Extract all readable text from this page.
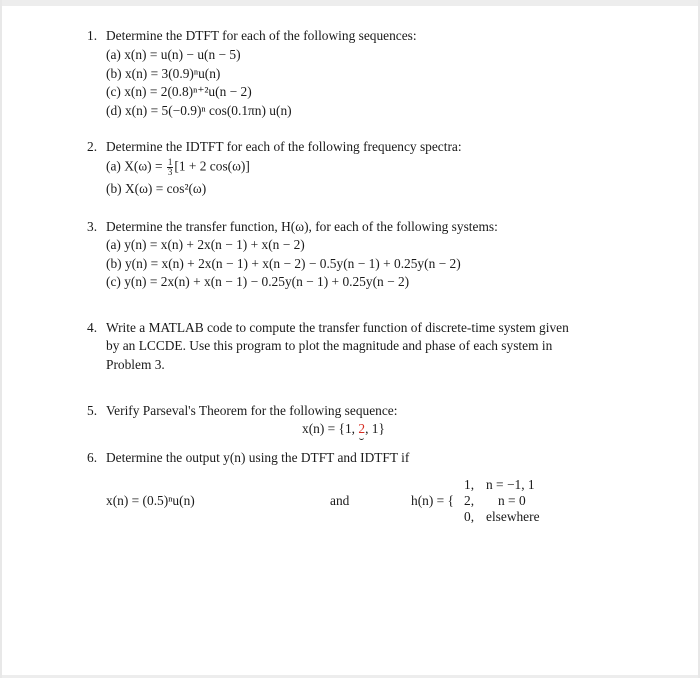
1. Determine the DTFT for each of the following sequences:
(a) x(n) = u(n) − u(n − 5)
(b) x(n) = 3(0.9)ⁿu(n)
(c) x(n) = 2(0.8)ⁿ⁺²u(n − 2)
(d) x(n) = 5(−0.9)ⁿ cos(0.1πn) u(n)
2. Determine the IDTFT for each of the following frequency spectra:
(a) $X(\omega) = \frac{1}{3} [1 + 2$ cos(ω)]
(b) X(ω) = cos²(ω)
3. Determine the transfer function, H(ω), for each of the following systems:
(a) y(n) = x(n) + 2x(n − 1) + x(n − 2)
(b) y(n) = x(n) + 2x(n − 1) + x(n − 2) − 0.5y(n − 1) + 0.25y(n − 2)
(c) y(n) = 2x(n) + x(n − 1) − 0.25y(n − 1) + 0.25y(n − 2)
4. Write a MATLAB code to compute the transfer function of discrete-time system given
by an LCCDE. Use this program to plot the magnitude and phase of each system in
Problem 3.
5. Verify Parseval's Theorem for the following sequence:
x(n) = {1, 2, 1}
6. Determine the output y(n) using the DTFT and IDTFT if
x(n) = (0.5)ⁿu(n)	and	h(n) = {
1, n = −1, 1
2, n = 0
0, elsewhere
